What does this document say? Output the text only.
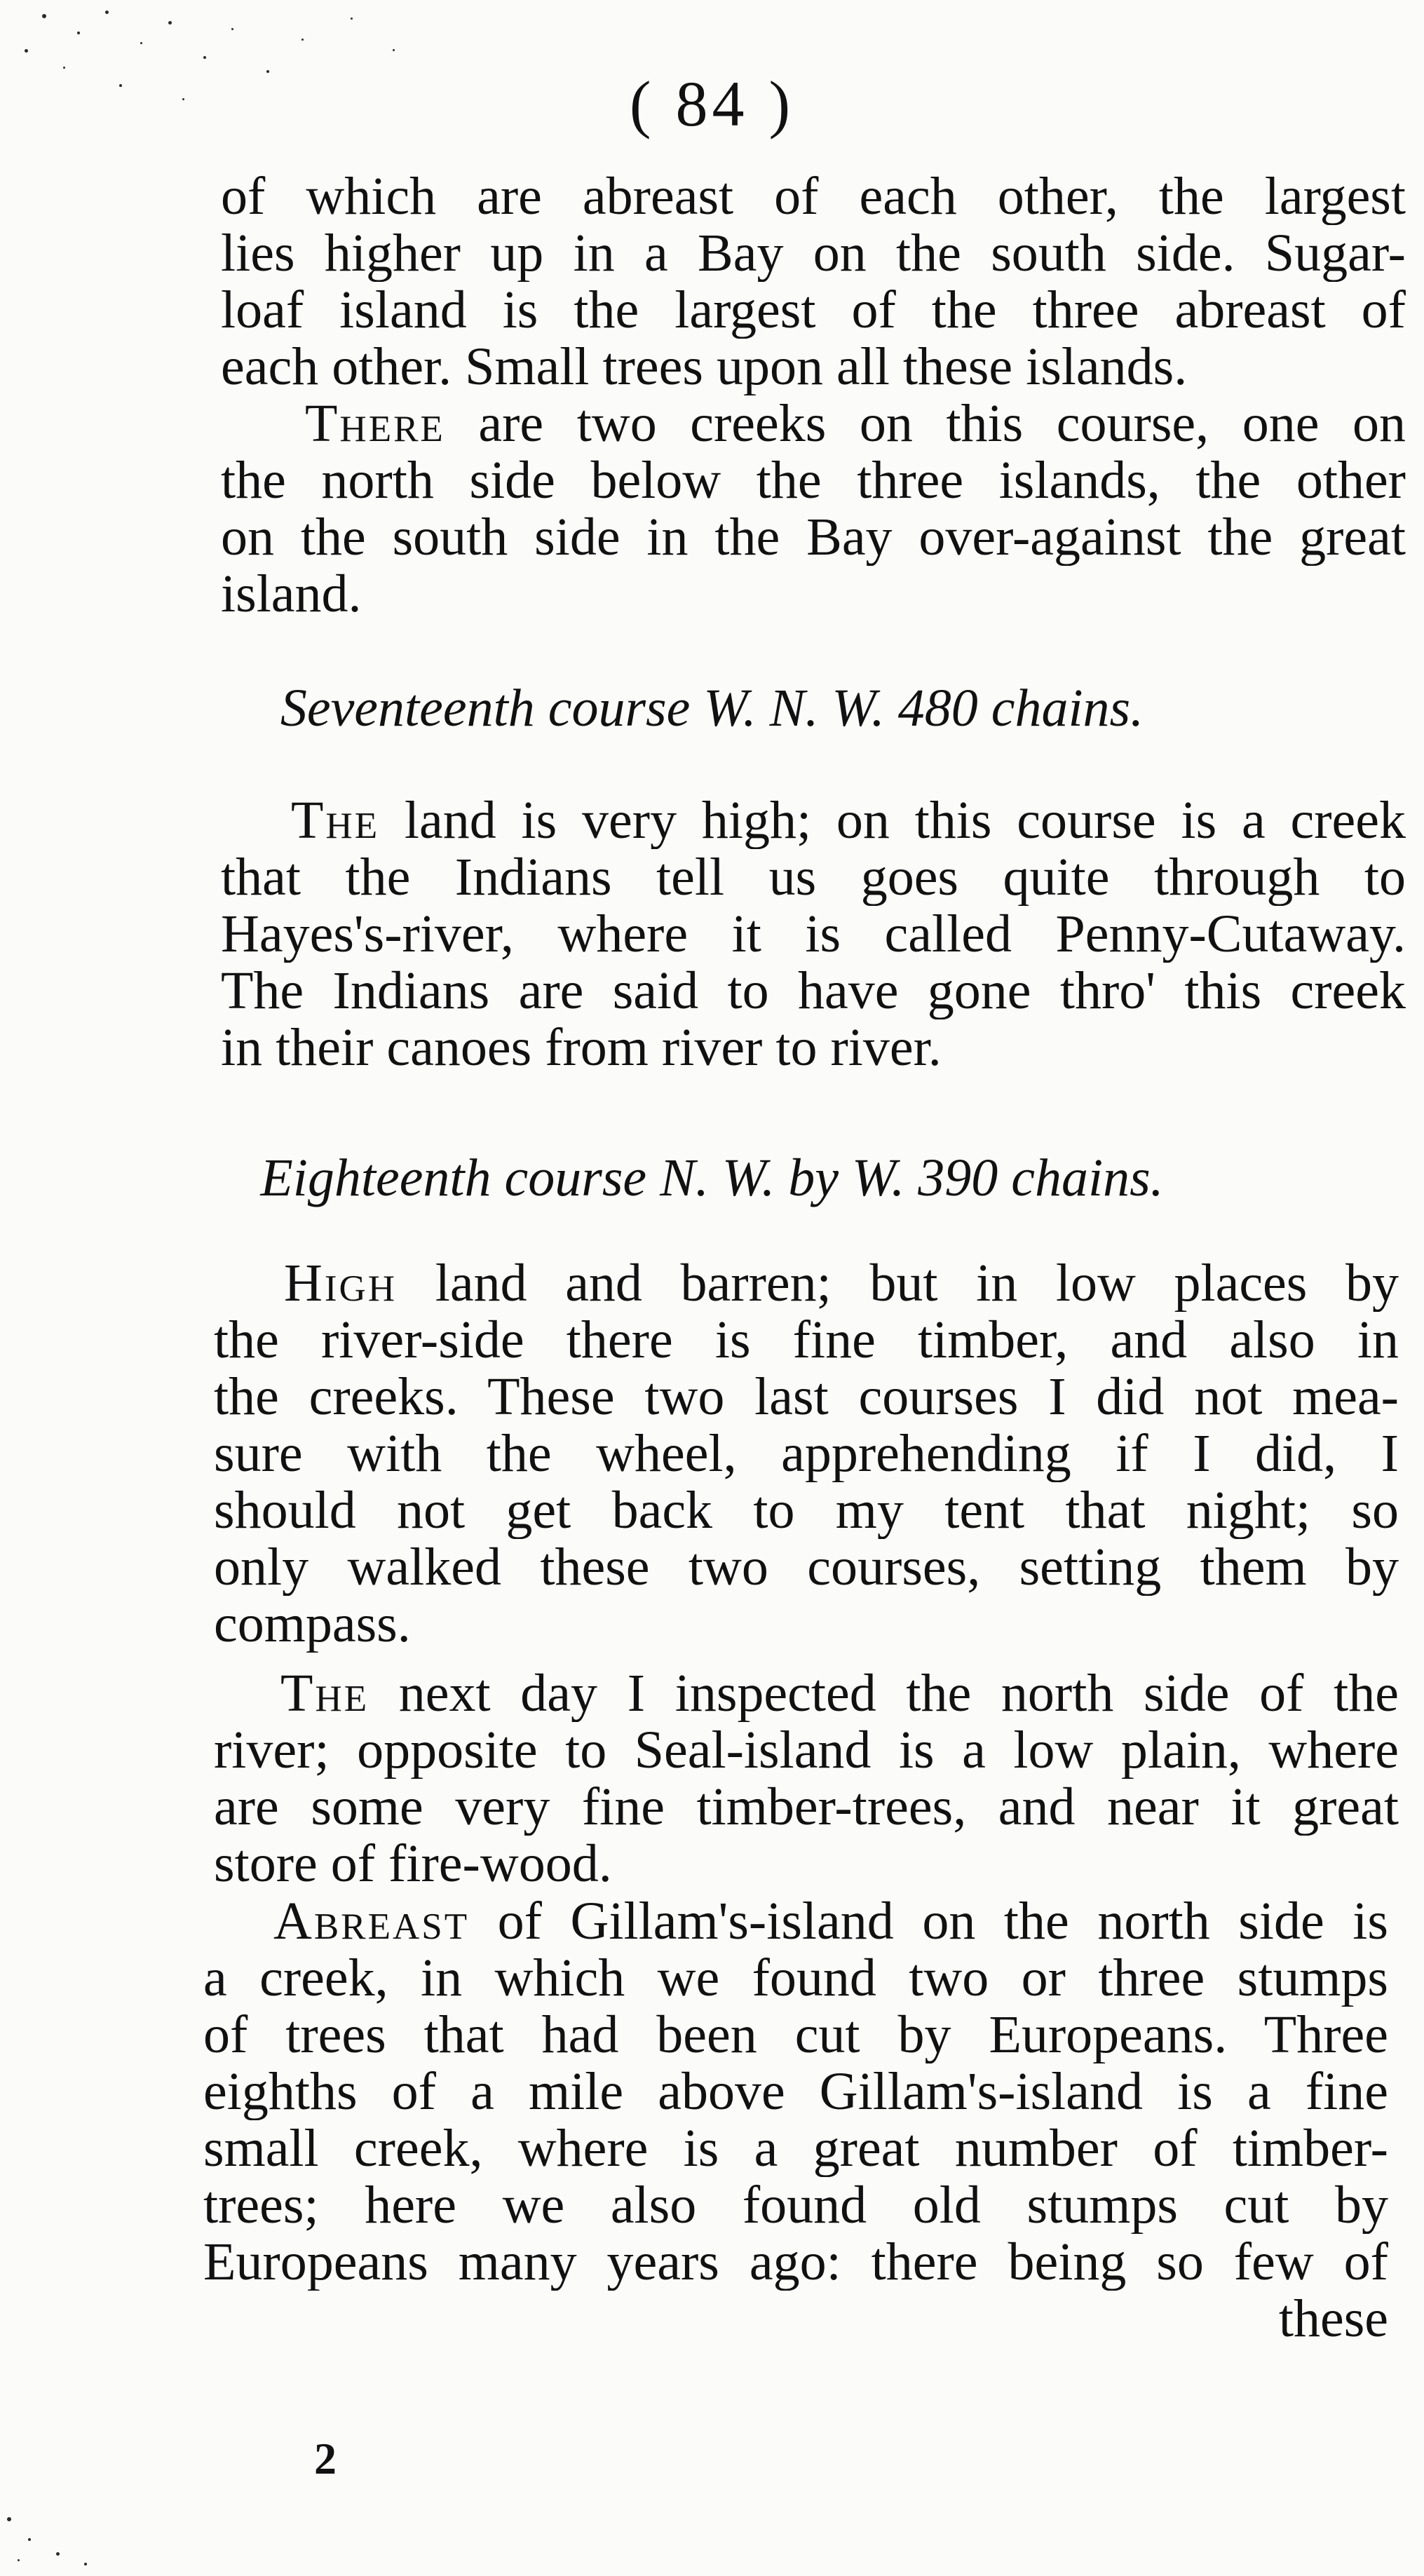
( 84 )
of which are abreast of each other, the largest
lies higher up in a Bay on the south side. Sugar-
loaf island is the largest of the three abreast of
each other. Small trees upon all these islands.
There are two creeks on this course, one on
the north side below the three islands, the other
on the south side in the Bay over-against the great
island.
Seventeenth course W. N. W. 480 chains.
The land is very high; on this course is a creek
that the Indians tell us goes quite through to
Hayes's-river, where it is called Penny-Cutaway.
The Indians are said to have gone thro' this creek
in their canoes from river to river.
Eighteenth course N. W. by W. 390 chains.
High land and barren; but in low places by
the river-side there is fine timber, and also in
the creeks. These two last courses I did not mea-
sure with the wheel, apprehending if I did, I
should not get back to my tent that night; so
only walked these two courses, setting them by
compass.
The next day I inspected the north side of the
river; opposite to Seal-island is a low plain, where
are some very fine timber-trees, and near it great
store of fire-wood.
Abreast of Gillam's-island on the north side is
a creek, in which we found two or three stumps
of trees that had been cut by Europeans. Three
eighths of a mile above Gillam's-island is a fine
small creek, where is a great number of timber-
trees; here we also found old stumps cut by
Europeans many years ago: there being so few of
these
2
